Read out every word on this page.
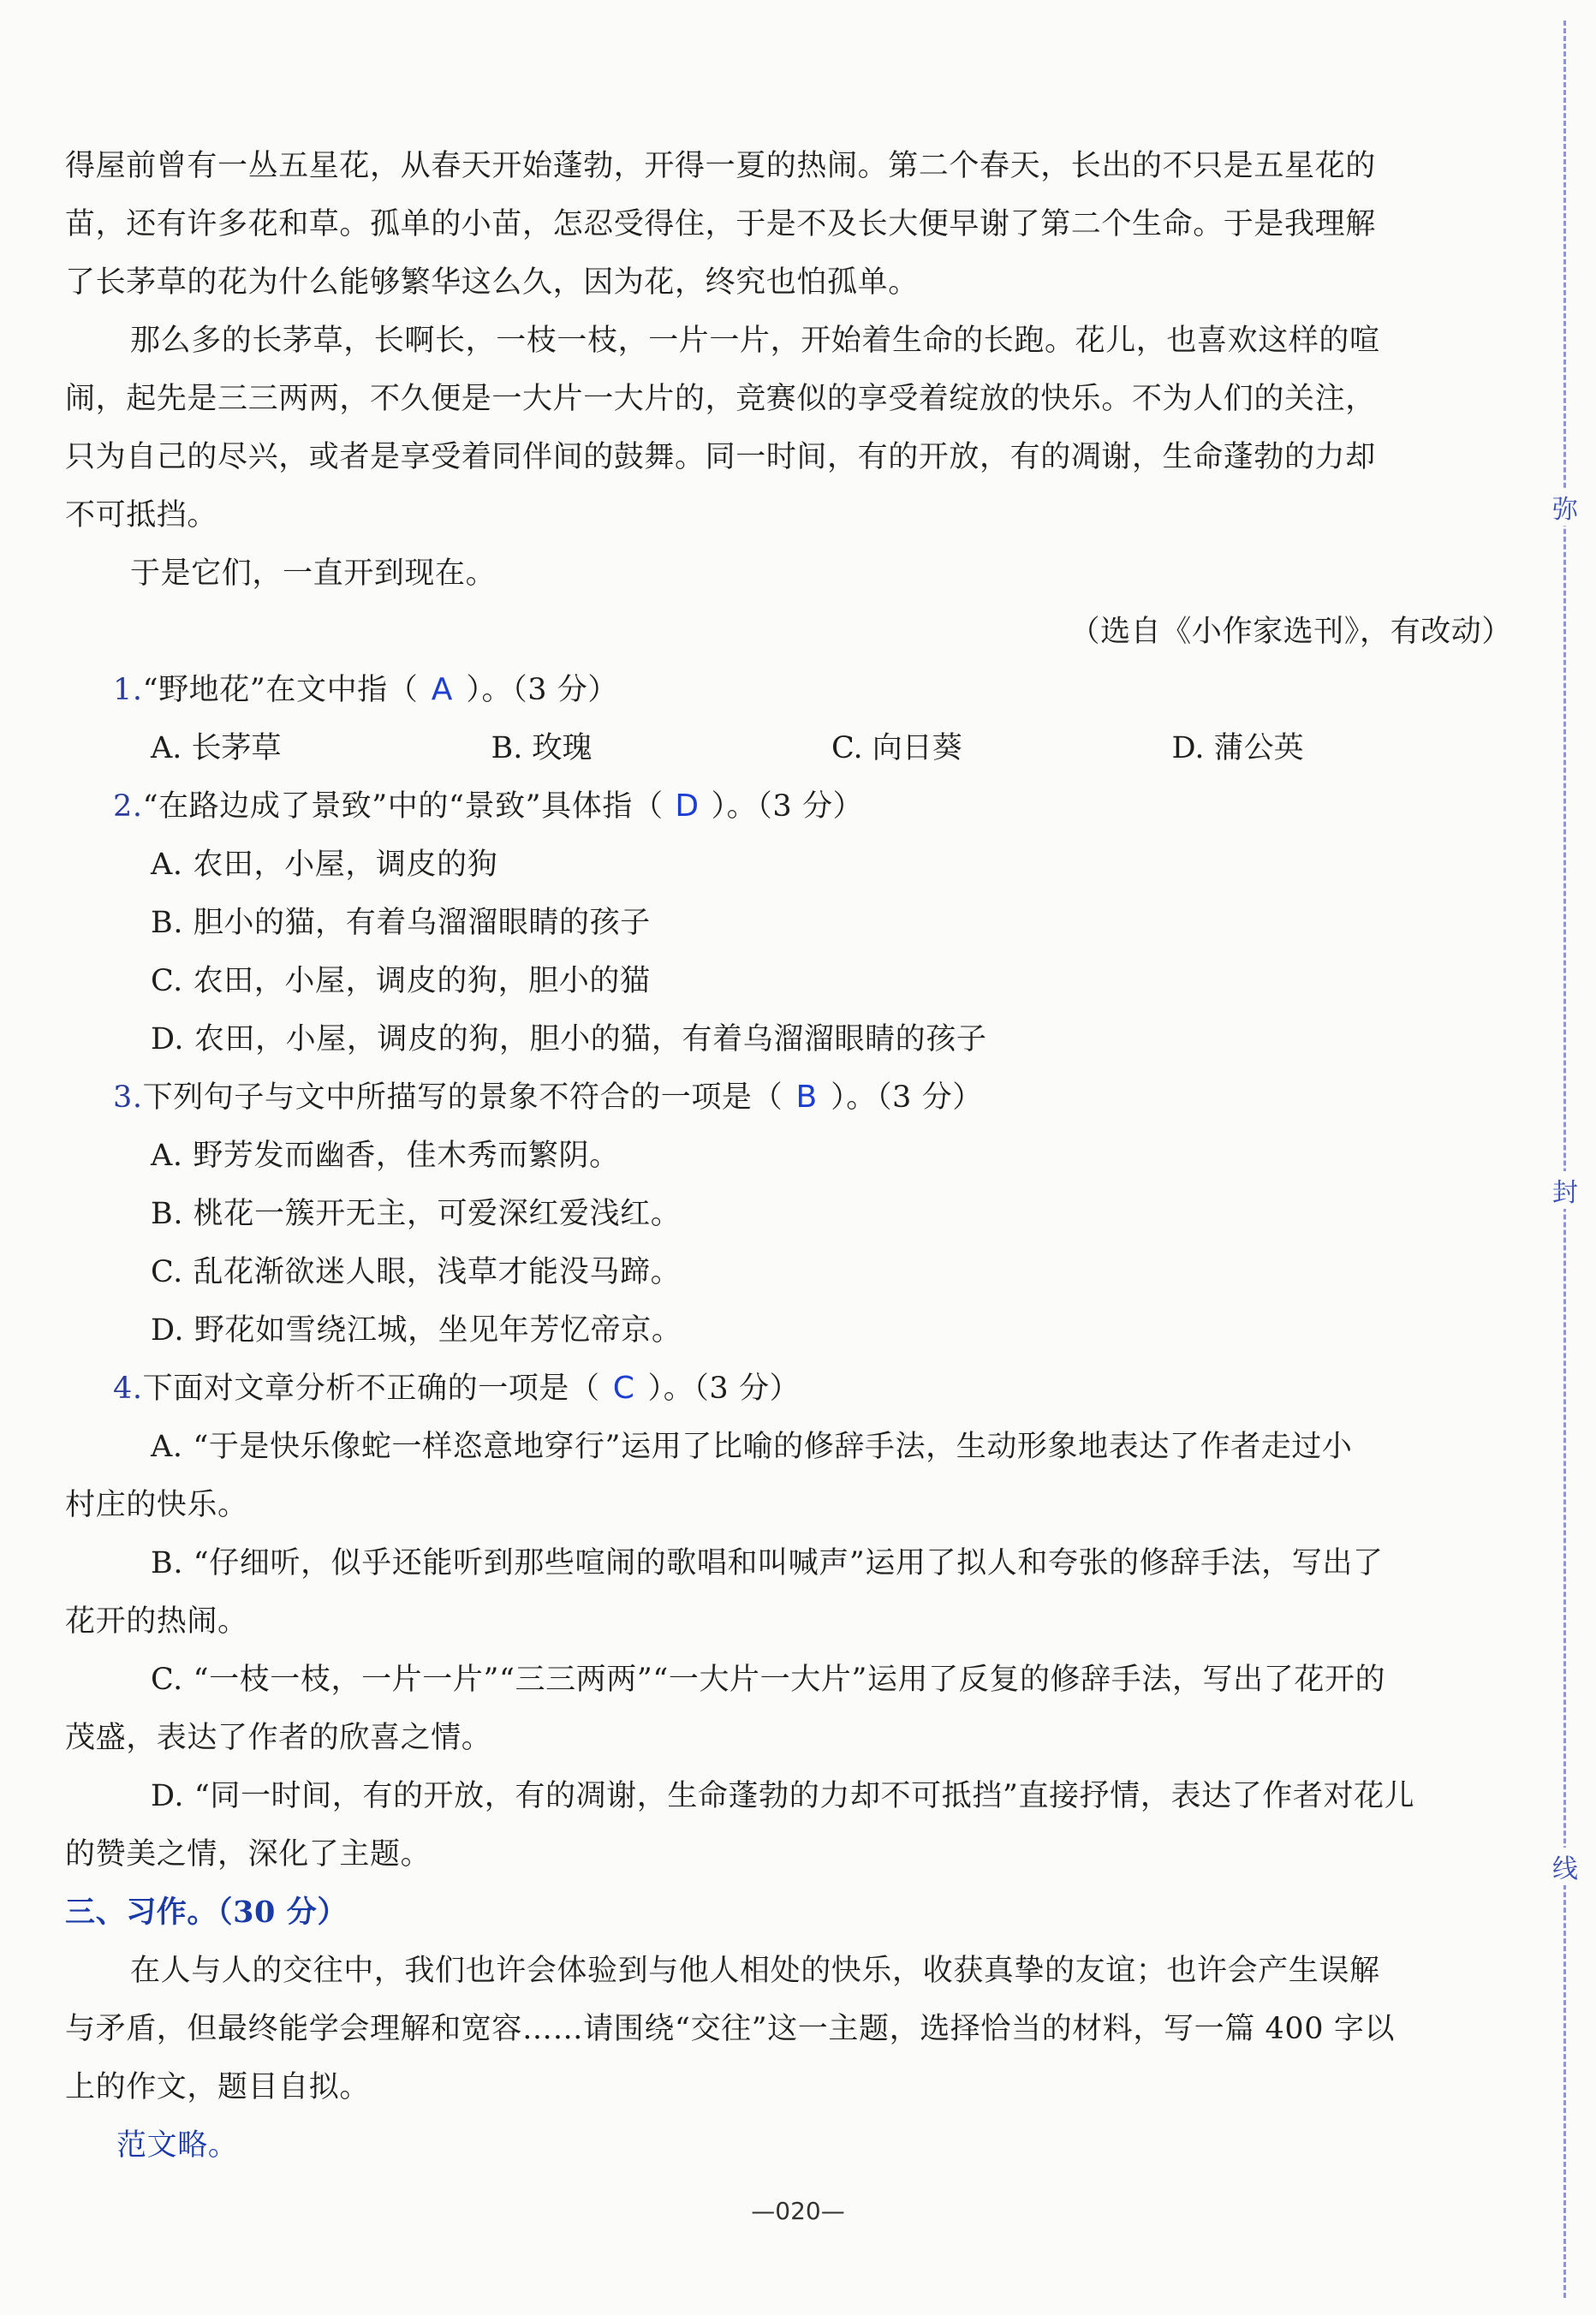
弥
封
线
得屋前曾有一丛五星花，从春天开始蓬勃，开得一夏的热闹。第二个春天，长出的不只是五星花的
苗，还有许多花和草。孤单的小苗，怎忍受得住，于是不及长大便早谢了第二个生命。于是我理解
了长茅草的花为什么能够繁华这么久，因为花，终究也怕孤单。
那么多的长茅草，长啊长，一枝一枝，一片一片，开始着生命的长跑。花儿，也喜欢这样的喧
闹，起先是三三两两，不久便是一大片一大片的，竞赛似的享受着绽放的快乐。不为人们的关注，
只为自己的尽兴，或者是享受着同伴间的鼓舞。同一时间，有的开放，有的凋谢，生命蓬勃的力却
不可抵挡。
于是它们，一直开到现在。
（选自《小作家选刊》，有改动）
1.“野地花”在文中指（ A ）。（3 分）
A. 长茅草	B. 玫瑰	C. 向日葵	D. 蒲公英
2.“在路边成了景致”中的“景致”具体指（ D ）。（3 分）
A. 农田，小屋，调皮的狗
B. 胆小的猫，有着乌溜溜眼睛的孩子
C. 农田，小屋，调皮的狗，胆小的猫
D. 农田，小屋，调皮的狗，胆小的猫，有着乌溜溜眼睛的孩子
3.下列句子与文中所描写的景象不符合的一项是（ B ）。（3 分）
A. 野芳发而幽香，佳木秀而繁阴。
B. 桃花一簇开无主，可爱深红爱浅红。
C. 乱花渐欲迷人眼，浅草才能没马蹄。
D. 野花如雪绕江城，坐见年芳忆帝京。
4.下面对文章分析不正确的一项是（ C ）。（3 分）
A. “于是快乐像蛇一样恣意地穿行”运用了比喻的修辞手法，生动形象地表达了作者走过小
村庄的快乐。
B. “仔细听，似乎还能听到那些喧闹的歌唱和叫喊声”运用了拟人和夸张的修辞手法，写出了
花开的热闹。
C. “一枝一枝，一片一片”“三三两两”“一大片一大片”运用了反复的修辞手法，写出了花开的
茂盛，表达了作者的欣喜之情。
D. “同一时间，有的开放，有的凋谢，生命蓬勃的力却不可抵挡”直接抒情，表达了作者对花儿
的赞美之情，深化了主题。
三、习作。（30 分）
在人与人的交往中，我们也许会体验到与他人相处的快乐，收获真挚的友谊；也许会产生误解
与矛盾，但最终能学会理解和宽容……请围绕“交往”这一主题，选择恰当的材料，写一篇 400 字以
上的作文，题目自拟。
范文略。
—020—
